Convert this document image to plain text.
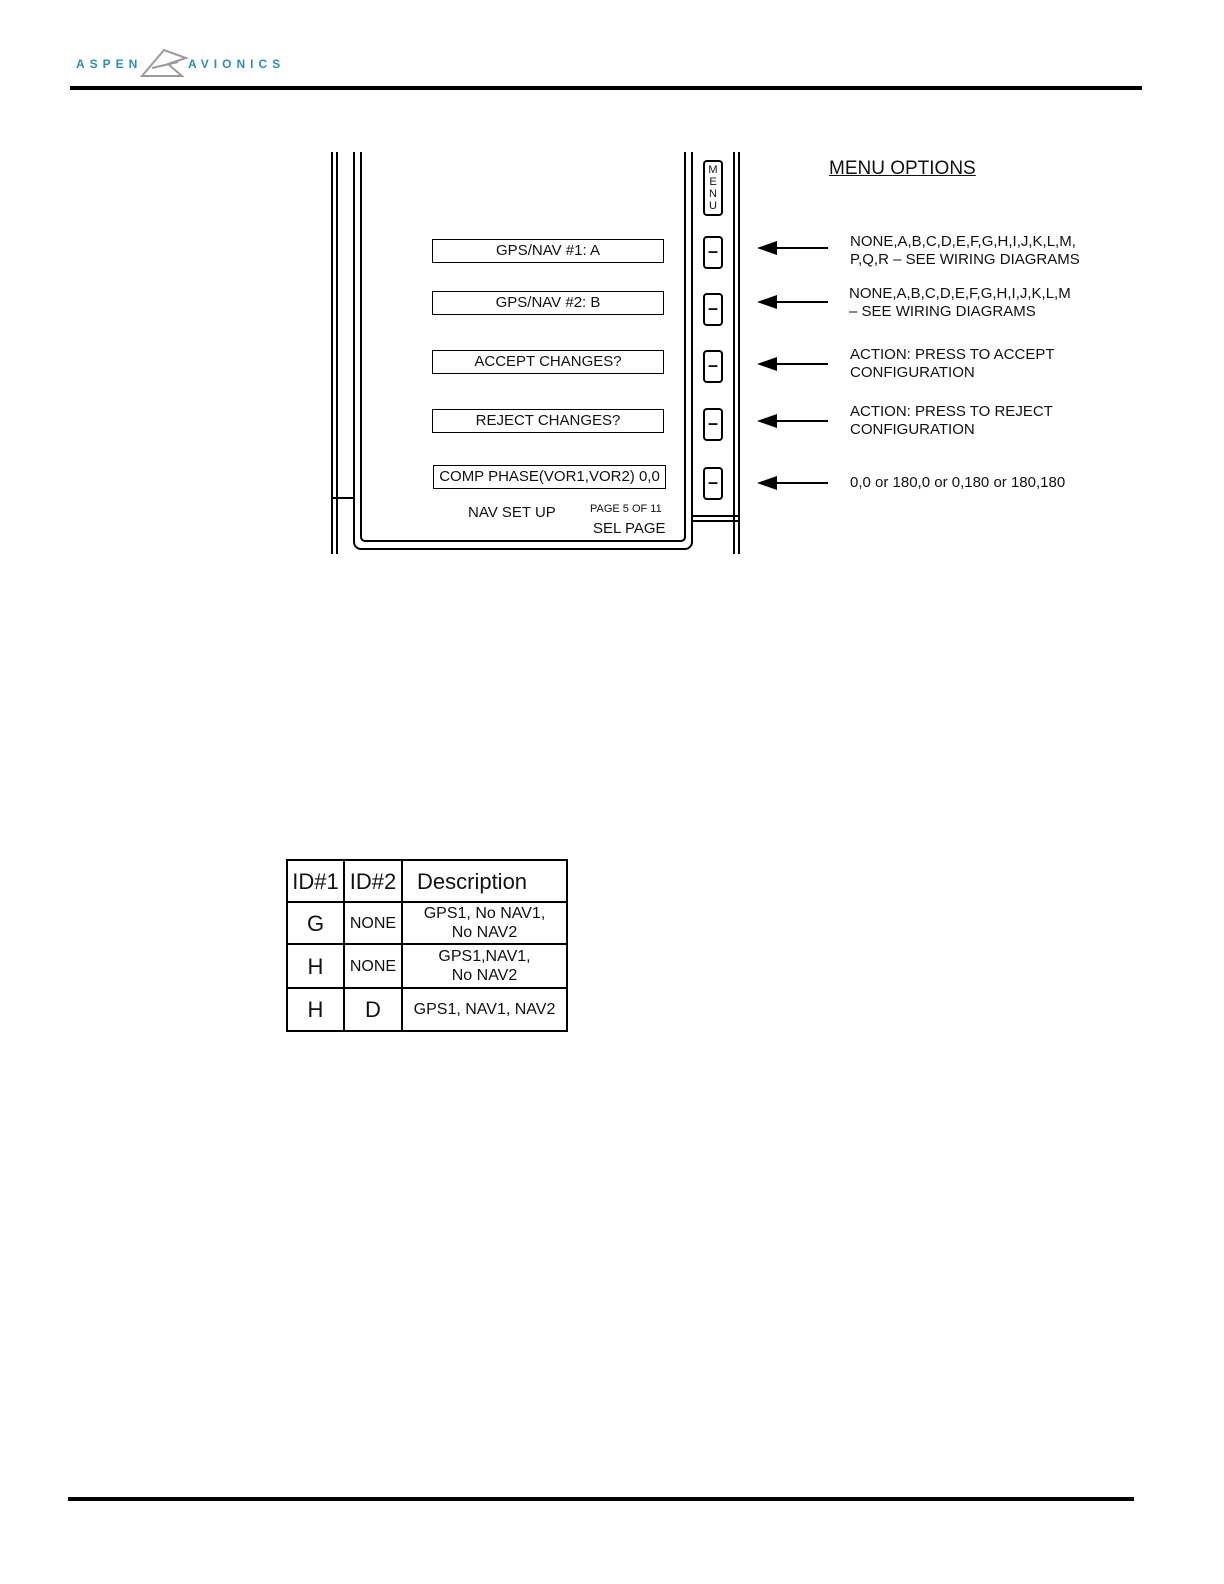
ASPEN	AVIONICS
M
E
N
U
GPS/NAV #1: A	–
GPS/NAV #2: B	–
ACCEPT CHANGES?	–
REJECT CHANGES?	–
COMP PHASE(VOR1,VOR2) 0,0	–
NAV SET UP	PAGE 5 OF 11
SEL PAGE
MENU OPTIONS
NONE,A,B,C,D,E,F,G,H,I,J,K,L,M,
P,Q,R – SEE WIRING DIAGRAMS
NONE,A,B,C,D,E,F,G,H,I,J,K,L,M
– SEE WIRING DIAGRAMS
ACTION: PRESS TO ACCEPT
CONFIGURATION
ACTION: PRESS TO REJECT
CONFIGURATION
0,0 or 180,0 or 0,180 or 180,180
ID#1	ID#2	Description
G	NONE	GPS1, No NAV1,
No NAV2

H	NONE	GPS1,NAV1,
No NAV2

H	D	GPS1, NAV1, NAV2
